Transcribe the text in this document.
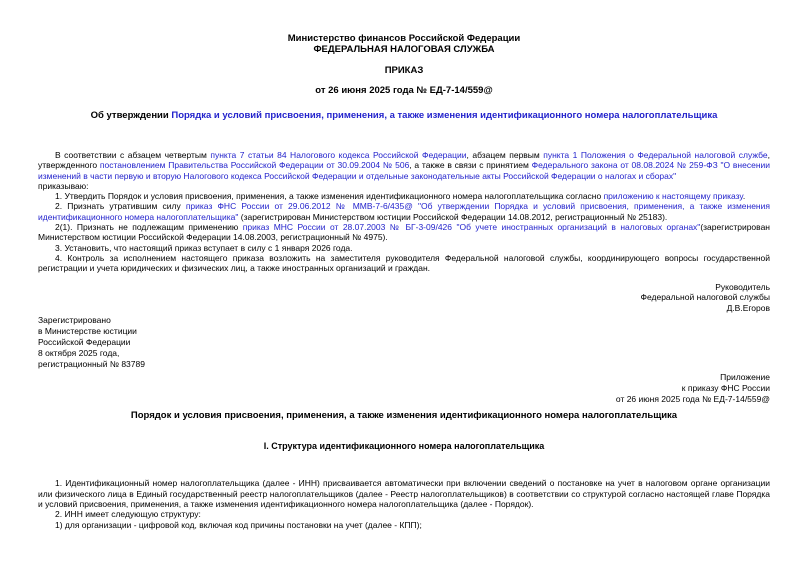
Министерство финансов Российской Федерации
ФЕДЕРАЛЬНАЯ НАЛОГОВАЯ СЛУЖБА
ПРИКАЗ
от 26 июня 2025 года № ЕД-7-14/559@
Об утверждении Порядка и условий присвоения, применения, а также изменения идентификационного номера налогоплательщика

В соответствии с абзацем четвертым пункта 7 статьи 84 Налогового кодекса Российской Федерации, абзацем первым пункта 1 Положения о Федеральной налоговой службе, утвержденного постановлением Правительства Российской Федерации от 30.09.2004 № 506, а также в связи с принятием Федерального закона от 08.08.2024 № 259-ФЗ "О внесении изменений в части первую и вторую Налогового кодекса Российской Федерации и отдельные законодательные акты Российской Федерации о налогах и сборах"

приказываю:

1. Утвердить Порядок и условия присвоения, применения, а также изменения идентификационного номера налогоплательщика согласно приложению к настоящему приказу.

2. Признать утратившим силу приказ ФНС России от 29.06.2012 № ММВ-7-6/435@ "Об утверждении Порядка и условий присвоения, применения, а также изменения идентификационного номера налогоплательщика" (зарегистрирован Министерством юстиции Российской Федерации 14.08.2012, регистрационный № 25183).

2(1). Признать не подлежащим применению приказ МНС России от 28.07.2003 № БГ-3-09/426 "Об учете иностранных организаций в налоговых органах"(зарегистрирован Министерством юстиции Российской Федерации 14.08.2003, регистрационный № 4975).

3. Установить, что настоящий приказ вступает в силу с 1 января 2026 года.

4. Контроль за исполнением настоящего приказа возложить на заместителя руководителя Федеральной налоговой службы, координирующего вопросы государственной регистрации и учета юридических и физических лиц, а также иностранных организаций и граждан.

Руководитель
Федеральной налоговой службы
Д.В.Егоров
Зарегистрировано
в Министерстве юстиции
Российской Федерации
8 октября 2025 года,
регистрационный № 83789
Приложение
к приказу ФНС России
от 26 июня 2025 года № ЕД-7-14/559@
Порядок и условия присвоения, применения, а также изменения идентификационного номера налогоплательщика
I. Структура идентификационного номера налогоплательщика

1. Идентификационный номер налогоплательщика (далее - ИНН) присваивается автоматически при включении сведений о постановке на учет в налоговом органе организации или физического лица в Единый государственный реестр налогоплательщиков (далее - Реестр налогоплательщиков) в соответствии со структурой согласно настоящей главе Порядка и условий присвоения, применения, а также изменения идентификационного номера налогоплательщика (далее - Порядок).

2. ИНН имеет следующую структуру:

1) для организации - цифровой код, включая код причины постановки на учет (далее - КПП);
